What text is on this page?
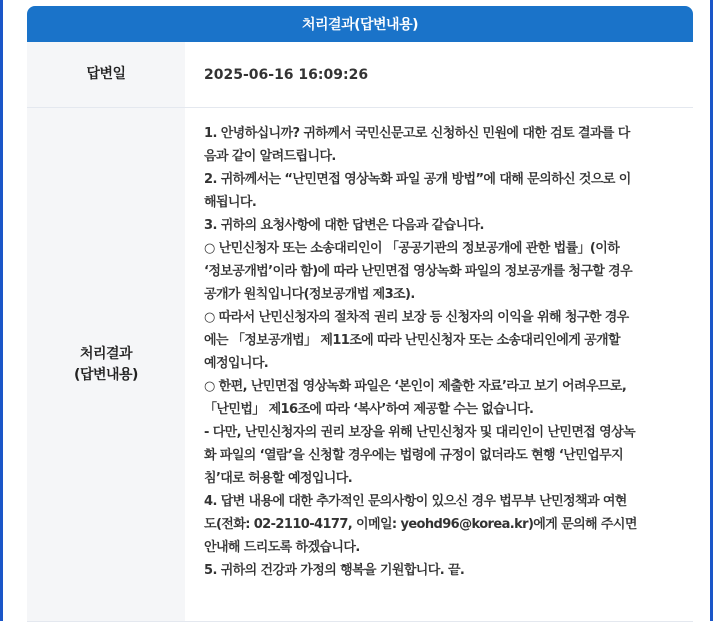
처리결과(답변내용)
답변일	2025-06-16 16:09:26
처리결과
(답변내용)

1. 안녕하십니까? 귀하께서 국민신문고로 신청하신 민원에 대한 검토 결과를 다

음과 같이 알려드립니다.

2. 귀하께서는 “난민면접 영상녹화 파일 공개 방법”에 대해 문의하신 것으로 이

해됩니다.

3. 귀하의 요청사항에 대한 답변은 다음과 같습니다.

○ 난민신청자 또는 소송대리인이 「공공기관의 정보공개에 관한 법률」(이하

‘정보공개법’이라 함)에 따라 난민면접 영상녹화 파일의 정보공개를 청구할 경우

공개가 원칙입니다(정보공개법 제3조).

○ 따라서 난민신청자의 절차적 권리 보장 등 신청자의 이익을 위해 청구한 경우

에는 「정보공개법」 제11조에 따라 난민신청자 또는 소송대리인에게 공개할

예정입니다.

○ 한편, 난민면접 영상녹화 파일은 ‘본인이 제출한 자료’라고 보기 어려우므로,

「난민법」 제16조에 따라 ‘복사’하여 제공할 수는 없습니다.

- 다만, 난민신청자의 권리 보장을 위해 난민신청자 및 대리인이 난민면접 영상녹

화 파일의 ‘열람’을 신청할 경우에는 법령에 규정이 없더라도 현행 ‘난민업무지

침’대로 허용할 예정입니다.

4. 답변 내용에 대한 추가적인 문의사항이 있으신 경우 법무부 난민정책과 여현

도(전화: 02-2110-4177, 이메일: yeohd96@korea.kr)에게 문의해 주시면

안내해 드리도록 하겠습니다.

5. 귀하의 건강과 가정의 행복을 기원합니다. 끝.
